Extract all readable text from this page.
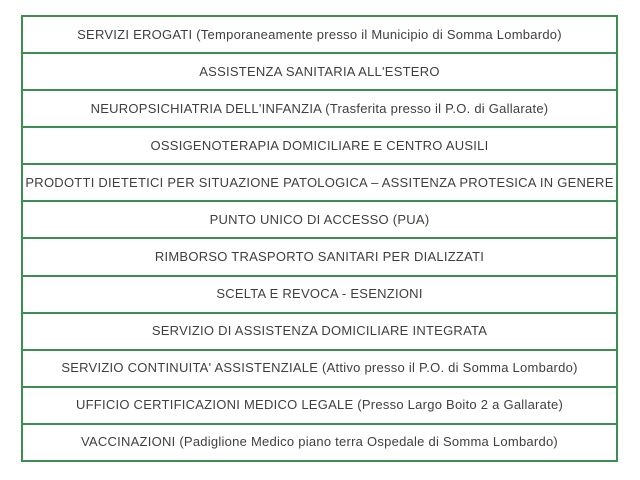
SERVIZI EROGATI (Temporaneamente presso il Municipio di Somma Lombardo)
ASSISTENZA SANITARIA ALL'ESTERO
NEUROPSICHIATRIA DELL'INFANZIA (Trasferita presso il P.O. di Gallarate)
OSSIGENOTERAPIA DOMICILIARE E CENTRO AUSILI
PRODOTTI DIETETICI PER SITUAZIONE PATOLOGICA – ASSITENZA PROTESICA IN GENERE
PUNTO UNICO DI ACCESSO (PUA)
RIMBORSO TRASPORTO SANITARI PER DIALIZZATI
SCELTA E REVOCA - ESENZIONI
SERVIZIO DI ASSISTENZA DOMICILIARE INTEGRATA
SERVIZIO CONTINUITA' ASSISTENZIALE (Attivo presso il P.O. di Somma Lombardo)
UFFICIO CERTIFICAZIONI MEDICO LEGALE (Presso Largo Boito 2 a Gallarate)
VACCINAZIONI (Padiglione Medico piano terra Ospedale di Somma Lombardo)
